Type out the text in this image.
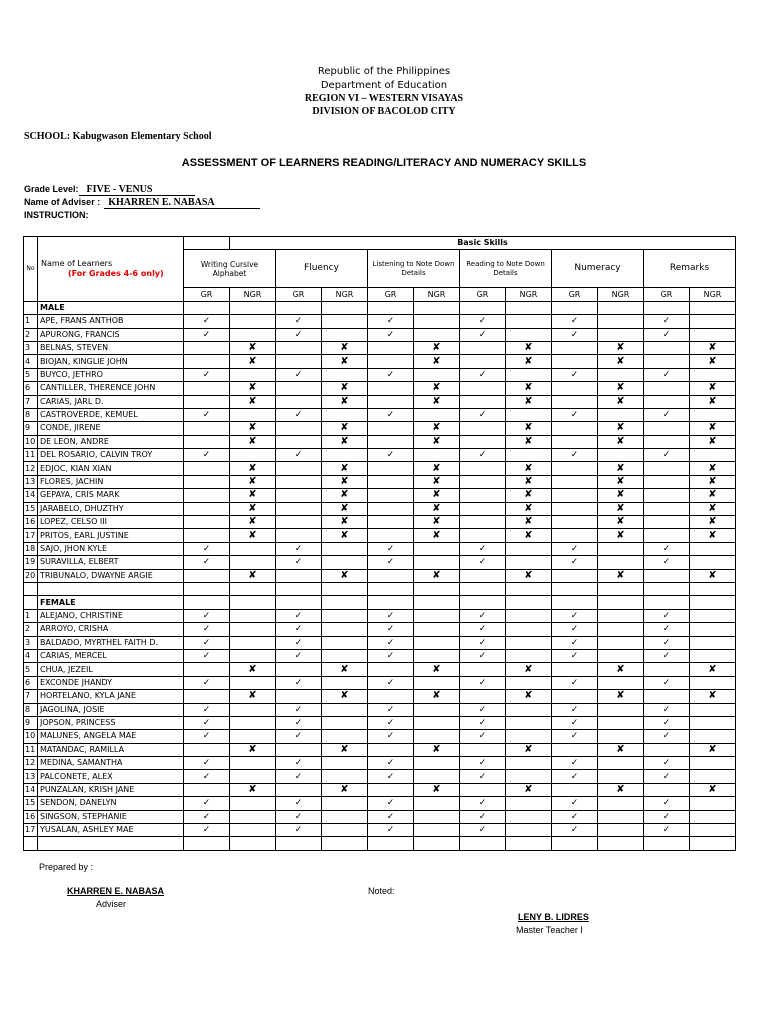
Republic of the Philippines
Department of Education
REGION VI – WESTERN VISAYAS
DIVISION OF BACOLOD CITY
SCHOOL: Kabugwason Elementary School
ASSESSMENT OF LEARNERS READING/LITERACY AND NUMERACY SKILLS
Grade Level: FIVE - VENUS
Name of Adviser : KHARREN E. NABASA
INSTRUCTION:
No	Name of Learners
(For Grades 4-6 only)		Basic Skills										
		Writing Cursive Alphabet		Fluency		Listening to Note Down Details		Reading to Note Down Details		Numeracy		Remarks	
		GR	NGR	GR	NGR	GR	NGR	GR	NGR	GR	NGR	GR	NGR
	MALE												
1	APE, FRANS ANTHOB	✓		✓		✓		✓		✓		✓	
2	APURONG, FRANCIS	✓		✓		✓		✓		✓		✓	
3	BELNAS, STEVEN		✘		✘		✘		✘		✘		✘
4	BIOJAN, KINGLIE JOHN		✘		✘		✘		✘		✘		✘
5	BUYCO, JETHRO	✓		✓		✓		✓		✓		✓	
6	CANTILLER, THERENCE JOHN		✘		✘		✘		✘		✘		✘
7	CARIAS, JARL D.		✘		✘		✘		✘		✘		✘
8	CASTROVERDE, KEMUEL	✓		✓		✓		✓		✓		✓	
9	CONDE, JIRENE		✘		✘		✘		✘		✘		✘
10	DE LEON, ANDRE		✘		✘		✘		✘		✘		✘
11	DEL ROSARIO, CALVIN TROY	✓		✓		✓		✓		✓		✓	
12	EDJOC, KIAN XIAN		✘		✘		✘		✘		✘		✘
13	FLORES, JACHIN		✘		✘		✘		✘		✘		✘
14	GEPAYA, CRIS MARK		✘		✘		✘		✘		✘		✘
15	JARABELO, DHUZTHY		✘		✘		✘		✘		✘		✘
16	LOPEZ, CELSO III		✘		✘		✘		✘		✘		✘
17	PRITOS, EARL JUSTINE		✘		✘		✘		✘		✘		✘
18	SAJO, JHON KYLE	✓		✓		✓		✓		✓		✓	
19	SURAVILLA, ELBERT	✓		✓		✓		✓		✓		✓	
20	TRIBUNALO, DWAYNE ARGIE		✘		✘		✘		✘		✘		✘

	FEMALE												
1	ALEJANO, CHRISTINE	✓		✓		✓		✓		✓		✓	
2	ARROYO, CRISHA	✓		✓		✓		✓		✓		✓	
3	BALDADO, MYRTHEL FAITH D.	✓		✓		✓		✓		✓		✓	
4	CARIAS, MERCEL	✓		✓		✓		✓		✓		✓	
5	CHUA, JEZEIL		✘		✘		✘		✘		✘		✘
6	EXCONDE JHANDY	✓		✓		✓		✓		✓		✓	
7	HORTELANO, KYLA JANE		✘		✘		✘		✘		✘		✘
8	JAGOLINA, JOSIE	✓		✓		✓		✓		✓		✓	
9	JOPSON, PRINCESS	✓		✓		✓		✓		✓		✓	
10	MALUNES, ANGELA MAE	✓		✓		✓		✓		✓		✓	
11	MATANDAC, RAMILLA		✘		✘		✘		✘		✘		✘
12	MEDINA, SAMANTHA	✓		✓		✓		✓		✓		✓	
13	PALCONETE, ALEX	✓		✓		✓		✓		✓		✓	
14	PUNZALAN, KRISH JANE		✘		✘		✘		✘		✘		✘
15	SENDON, DANELYN	✓		✓		✓		✓		✓		✓	
16	SINGSON, STEPHANIE	✓		✓		✓		✓		✓		✓	
17	YUSALAN, ASHLEY MAE	✓		✓		✓		✓		✓		✓	

Prepared by :
KHARREN E. NABASA
Adviser
Noted:
LENY B. LIDRES
Master Teacher I
